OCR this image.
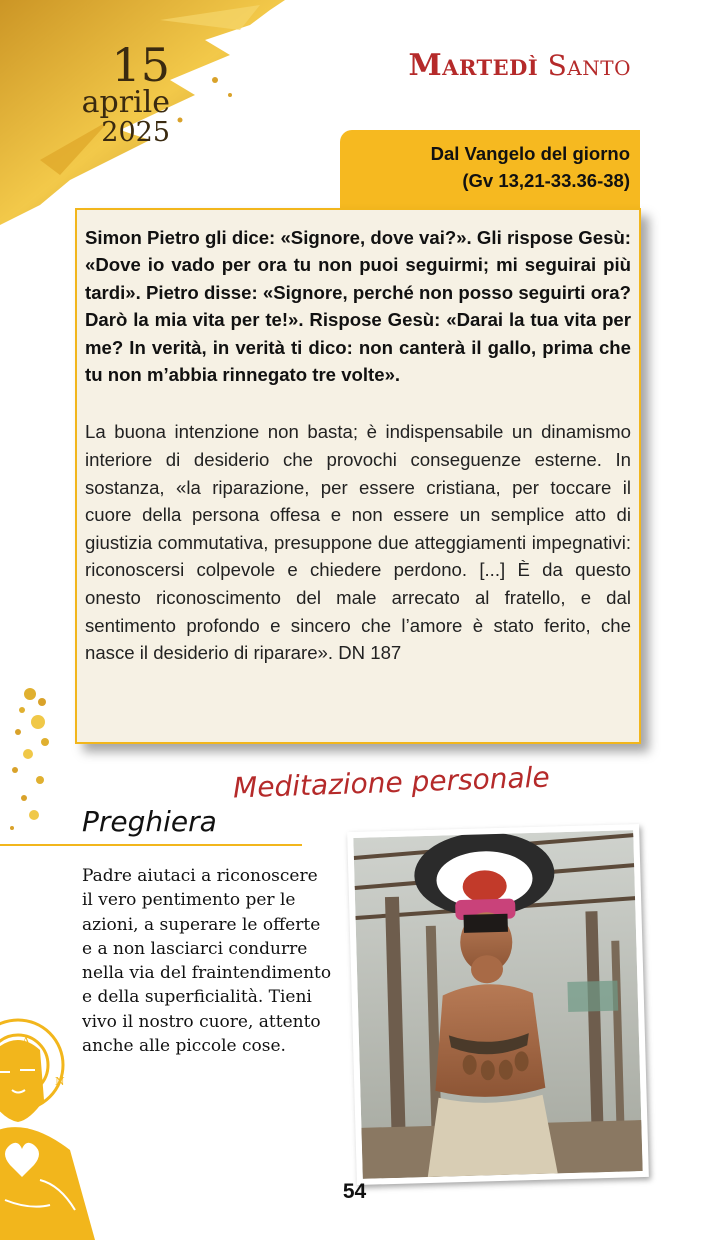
15
aprile
2025
Martedì Santo
Dal Vangelo del giorno
(Gv 13,21-33.36-38)

Simon Pietro gli dice: «Signore, dove vai?». Gli rispose Gesù: «Dove io vado per ora tu non puoi seguirmi; mi seguirai più tardi». Pietro disse: «Signore, perché non posso seguirti ora? Darò la mia vita per te!». Rispose Gesù: «Darai la tua vita per me? In verità, in verità ti dico: non canterà il gallo, prima che tu non m’abbia rinnegato tre volte».

La buona intenzione non basta; è indispensabile un dinamismo interiore di desiderio che provochi conseguenze esterne. In sostanza, «la riparazione, per essere cristiana, per toccare il cuore della persona offesa e non essere un semplice atto di giustizia commutativa, presuppone due atteggiamenti impegnativi: riconoscersi colpevole e chiedere perdono. [...] È da questo onesto riconoscimento del male arrecato al fratello, e dal sentimento profondo e sincero che l’amore è stato ferito, che nasce il desiderio di riparare». DN 187

Meditazione personale
Preghiera
Padre aiutaci a riconoscere il vero pentimento per le azioni, a superare le offerte e a non lasciarci condurre nella via del fraintendimento e della superficialità. Tieni vivo il nostro cuore, attento anche alle piccole cose.
A
N
54
